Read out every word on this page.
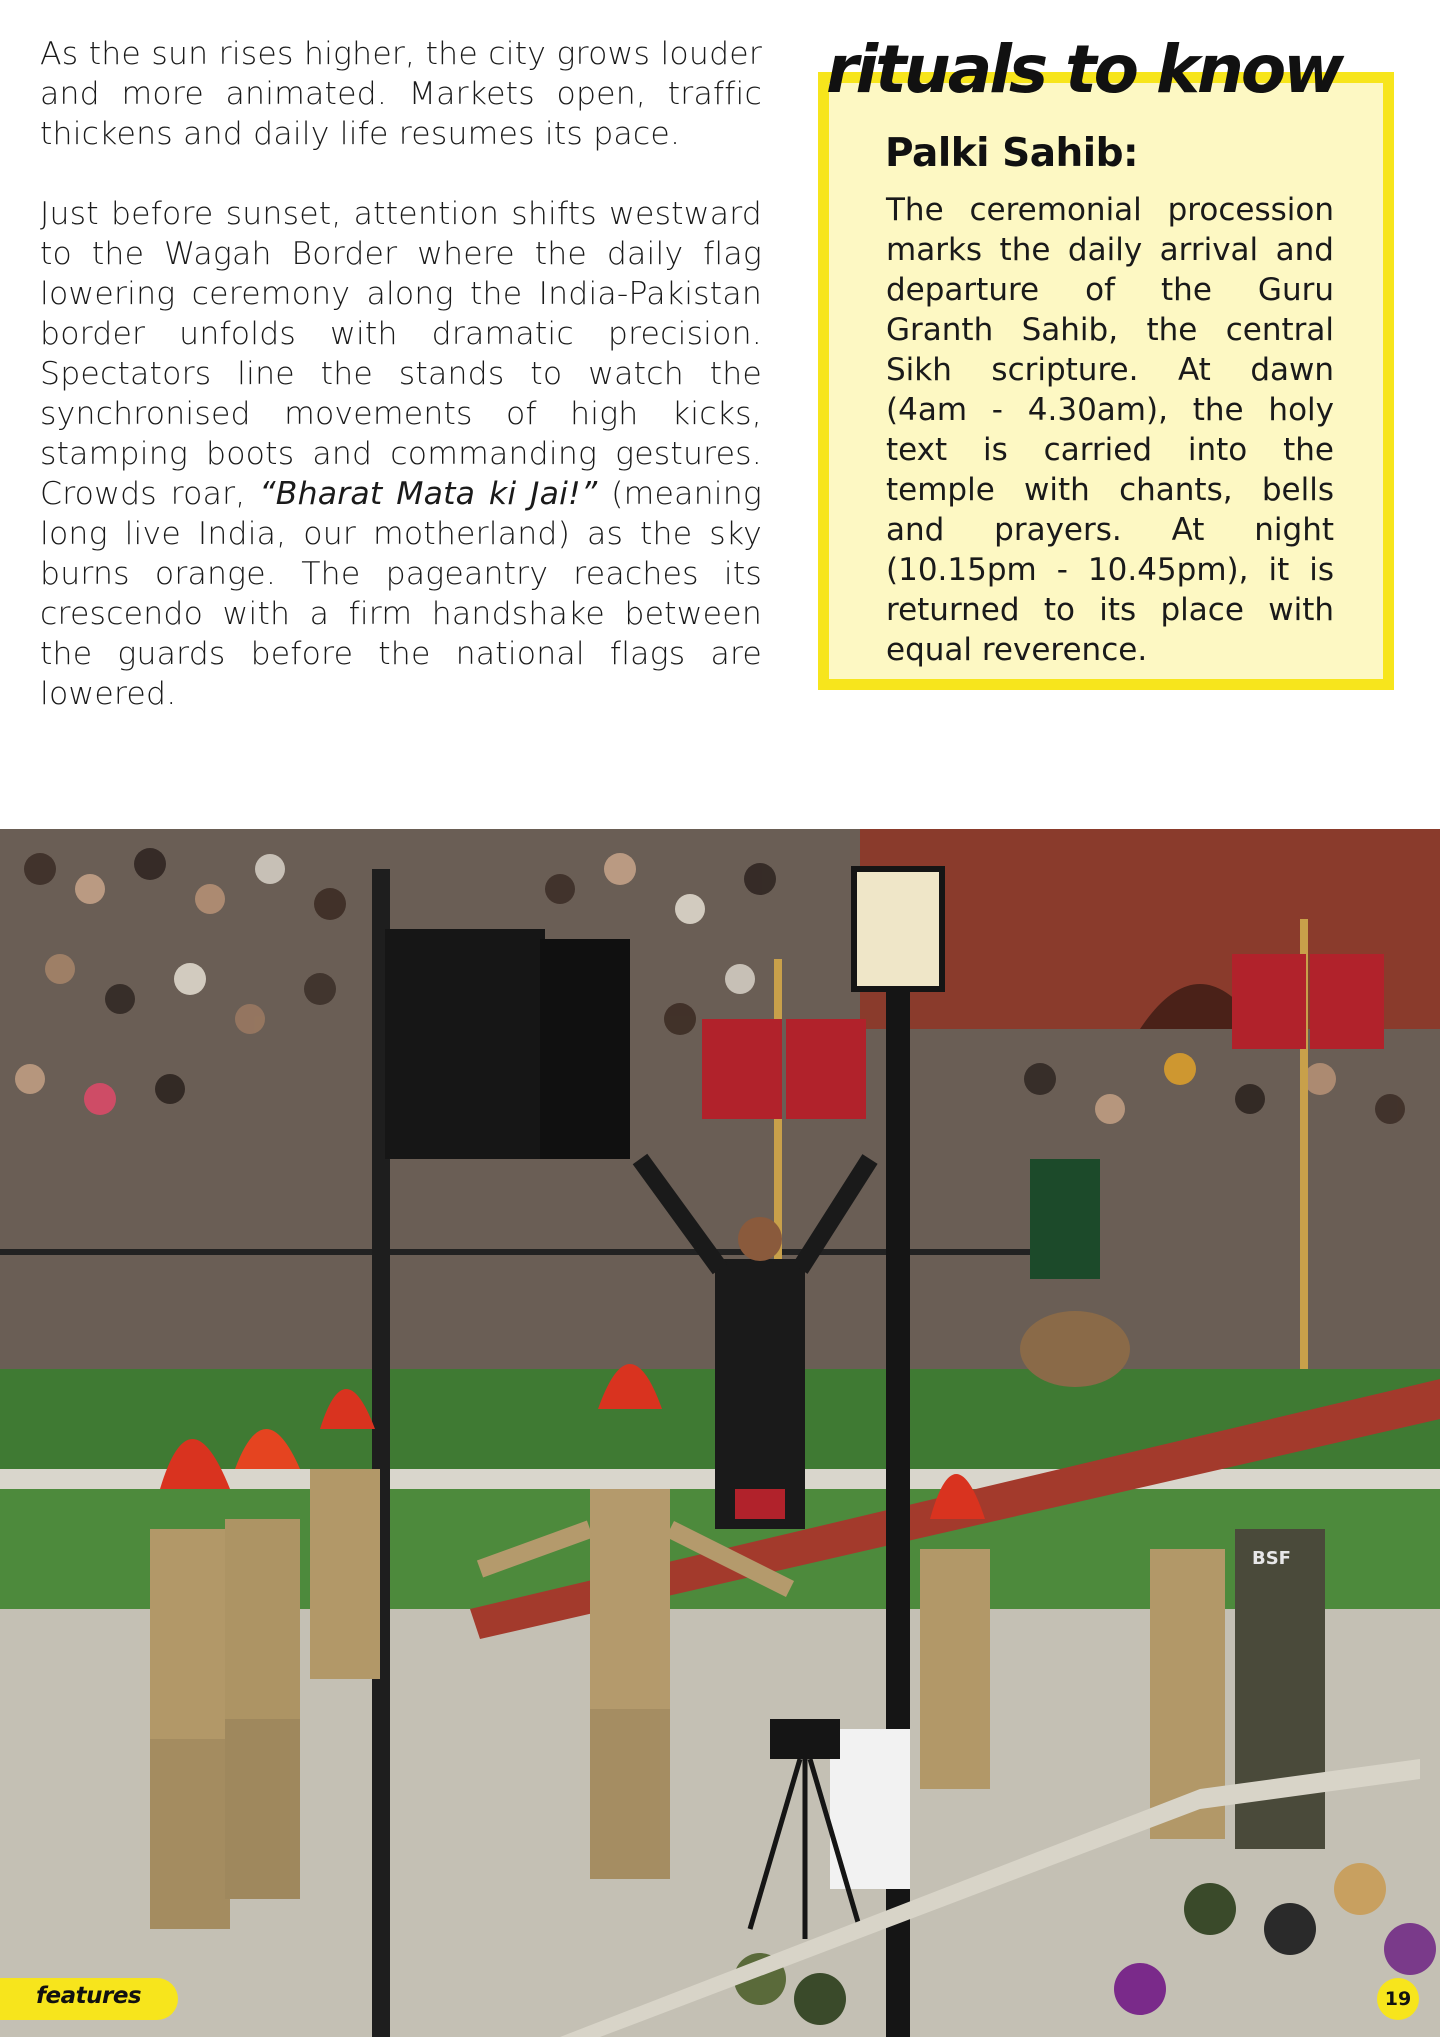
As the sun rises higher, the city grows louder and more animated. Markets open, traffic thickens and daily life resumes its pace.

Just before sunset, attention shifts westward to the Wagah Border where the daily flag lowering ceremony along the India-Pakistan border unfolds with dramatic precision. Spectators line the stands to watch the synchronised movements of high kicks, stamping boots and commanding gestures. Crowds roar, “Bharat Mata ki Jai!” (meaning long live India, our motherland) as the sky burns orange. The pageantry reaches its crescendo with a firm handshake between the guards before the national flags are lowered.

rituals to know
Palki Sahib:
The ceremonial procession marks the daily arrival and departure of the Guru Granth Sahib, the central Sikh scripture. At dawn (4am - 4.30am), the holy text is carried into the temple with chants, bells and prayers. At night (10.15pm - 10.45pm), it is returned to its place with equal reverence.
BSF
features	19
